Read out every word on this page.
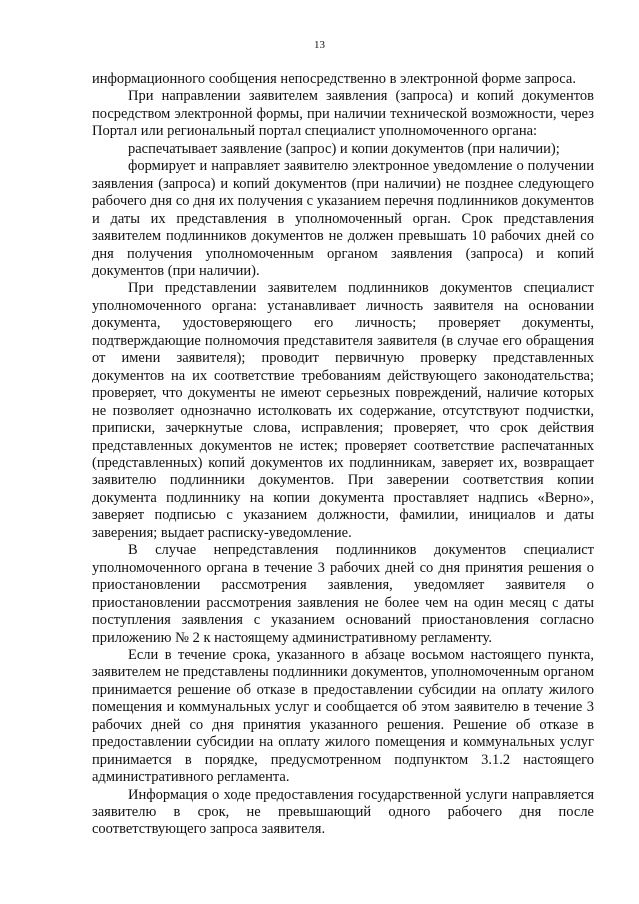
13

информационного сообщения непосредственно в электронной форме запроса.

При направлении заявителем заявления (запроса) и копий документов посредством электронной формы, при наличии технической возможности, через Портал или региональный портал специалист уполномоченного органа:

распечатывает заявление (запрос) и копии документов (при наличии);

формирует и направляет заявителю электронное уведомление о получении заявления (запроса) и копий документов (при наличии) не позднее следующего рабочего дня со дня их получения с указанием перечня подлинников документов и даты их представления в уполномоченный орган. Срок представления заявителем подлинников документов не должен превышать 10 рабочих дней со дня получения уполномоченным органом заявления (запроса) и копий документов (при наличии).

При представлении заявителем подлинников документов специалист уполномоченного органа: устанавливает личность заявителя на основании документа, удостоверяющего его личность; проверяет документы, подтверждающие полномочия представителя заявителя (в случае его обращения от имени заявителя); проводит первичную проверку представленных документов на их соответствие требованиям действующего законодательства; проверяет, что документы не имеют серьезных повреждений, наличие которых не позволяет однозначно истолковать их содержание, отсутствуют подчистки, приписки, зачеркнутые слова, исправления; проверяет, что срок действия представленных документов не истек; проверяет соответствие распечатанных (представленных) копий документов их подлинникам, заверяет их, возвращает заявителю подлинники документов. При заверении соответствия копии документа подлиннику на копии документа проставляет надпись «Верно», заверяет подписью с указанием должности, фамилии, инициалов и даты заверения; выдает расписку-уведомление.

В случае непредставления подлинников документов специалист уполномоченного органа в течение 3 рабочих дней со дня принятия решения о приостановлении рассмотрения заявления, уведомляет заявителя о приостановлении рассмотрения заявления не более чем на один месяц с даты поступления заявления с указанием оснований приостановления согласно приложению № 2 к настоящему административному регламенту.

Если в течение срока, указанного в абзаце восьмом настоящего пункта, заявителем не представлены подлинники документов, уполномоченным органом принимается решение об отказе в предоставлении субсидии на оплату жилого помещения и коммунальных услуг и сообщается об этом заявителю в течение 3 рабочих дней со дня принятия указанного решения. Решение об отказе в предоставлении субсидии на оплату жилого помещения и коммунальных услуг принимается в порядке, предусмотренном подпунктом 3.1.2 настоящего административного регламента.

Информация о ходе предоставления государственной услуги направляется заявителю в срок, не превышающий одного рабочего дня после соответствующего запроса заявителя.
